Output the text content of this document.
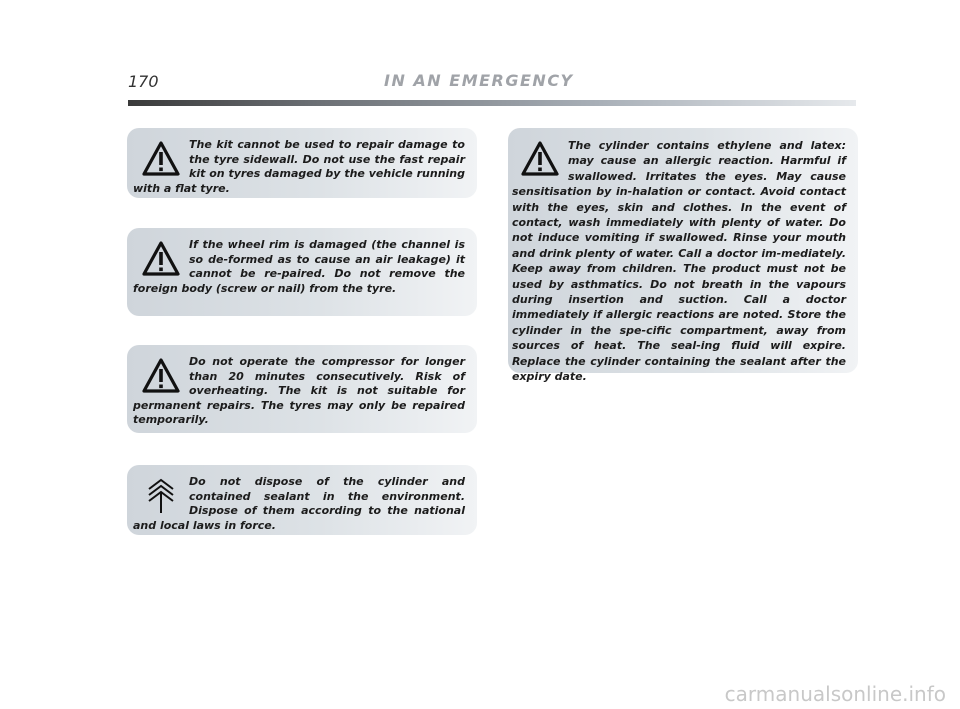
170	IN AN EMERGENCY
The kit cannot be used to repair damage to the tyre sidewall. Do not use the fast repair kit on tyres damaged by the vehicle running with a flat tyre.
If the wheel rim is damaged (the channel is so de-formed as to cause an air leakage) it cannot be re-paired. Do not remove the foreign body (screw or nail) from the tyre.
Do not operate the compressor for longer than 20 minutes consecutively. Risk of overheating. The kit is not suitable for permanent repairs. The tyres may only be repaired temporarily.
Do not dispose of the cylinder and contained sealant in the environment. Dispose of them according to the national and local laws in force.
The cylinder contains ethylene and latex: may cause an allergic reaction. Harmful if swallowed. Irritates the eyes. May cause sensitisation by in-halation or contact. Avoid contact with the eyes, skin and clothes. In the event of contact, wash immediately with plenty of water. Do not induce vomiting if swallowed. Rinse your mouth and drink plenty of water. Call a doctor im-mediately. Keep away from children. The product must not be used by asthmatics. Do not breath in the vapours during insertion and suction. Call a doctor immediately if allergic reactions are noted. Store the cylinder in the spe-cific compartment, away from sources of heat. The seal-ing fluid will expire. Replace the cylinder containing the sealant after the expiry date.
carmanualsonline.info
